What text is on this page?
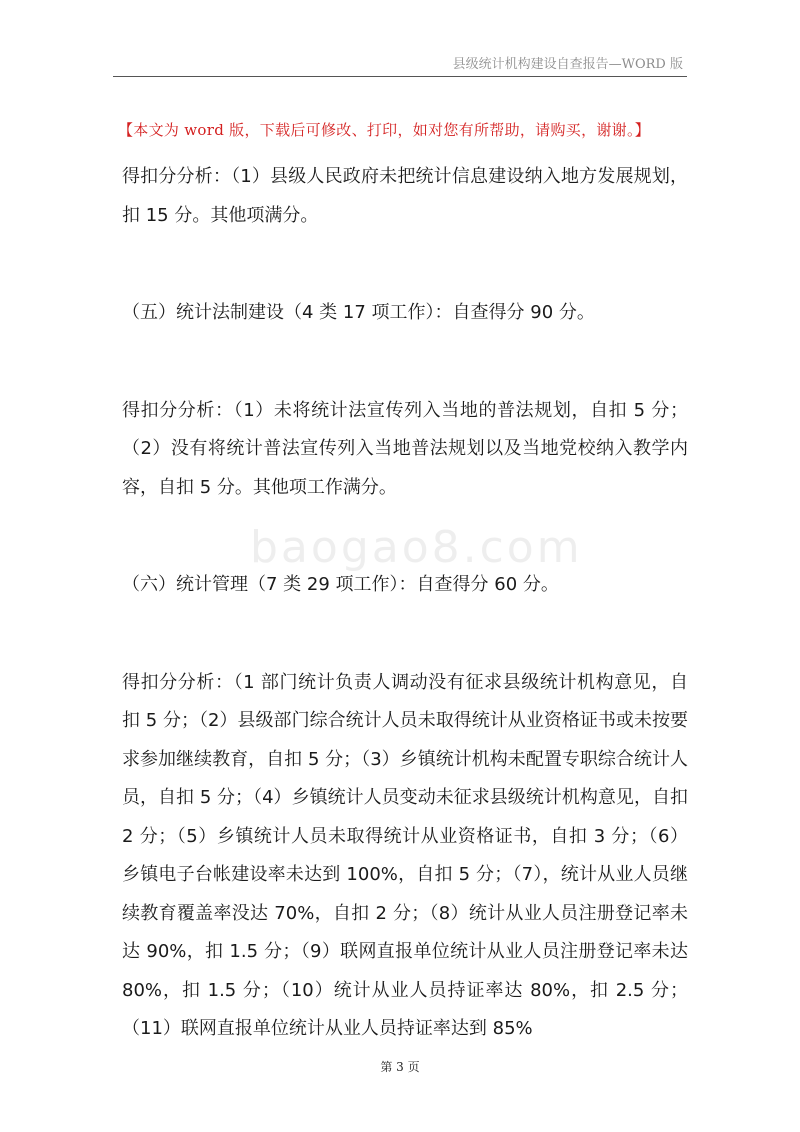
县级统计机构建设自查报告—WORD 版
【本文为 word 版，下载后可修改、打印，如对您有所帮助，请购买，谢谢。】

得扣分分析：（1）县级人民政府未把统计信息建设纳入地方发展规划，扣 15 分。其他项满分。

（五）统计法制建设（4 类 17 项工作）：自查得分 90 分。

得扣分分析：（1）未将统计法宣传列入当地的普法规划，自扣 5 分；（2）没有将统计普法宣传列入当地普法规划以及当地党校纳入教学内容，自扣 5 分。其他项工作满分。

（六）统计管理（7 类 29 项工作）：自查得分 60 分。

得扣分分析：（1 部门统计负责人调动没有征求县级统计机构意见，自扣 5 分；（2）县级部门综合统计人员未取得统计从业资格证书或未按要求参加继续教育，自扣 5 分；（3）乡镇统计机构未配置专职综合统计人员，自扣 5 分；（4）乡镇统计人员变动未征求县级统计机构意见，自扣 2 分；（5）乡镇统计人员未取得统计从业资格证书，自扣 3 分；（6）乡镇电子台帐建设率未达到 100%，自扣 5 分；（7），统计从业人员继续教育覆盖率没达 70%，自扣 2 分；（8）统计从业人员注册登记率未达 90%，扣 1.5 分；（9）联网直报单位统计从业人员注册登记率未达 80%，扣 1.5 分；（10）统计从业人员持证率达 80%，扣 2.5 分；（11）联网直报单位统计从业人员持证率达到 85%

baogao8.com
第 3 页
